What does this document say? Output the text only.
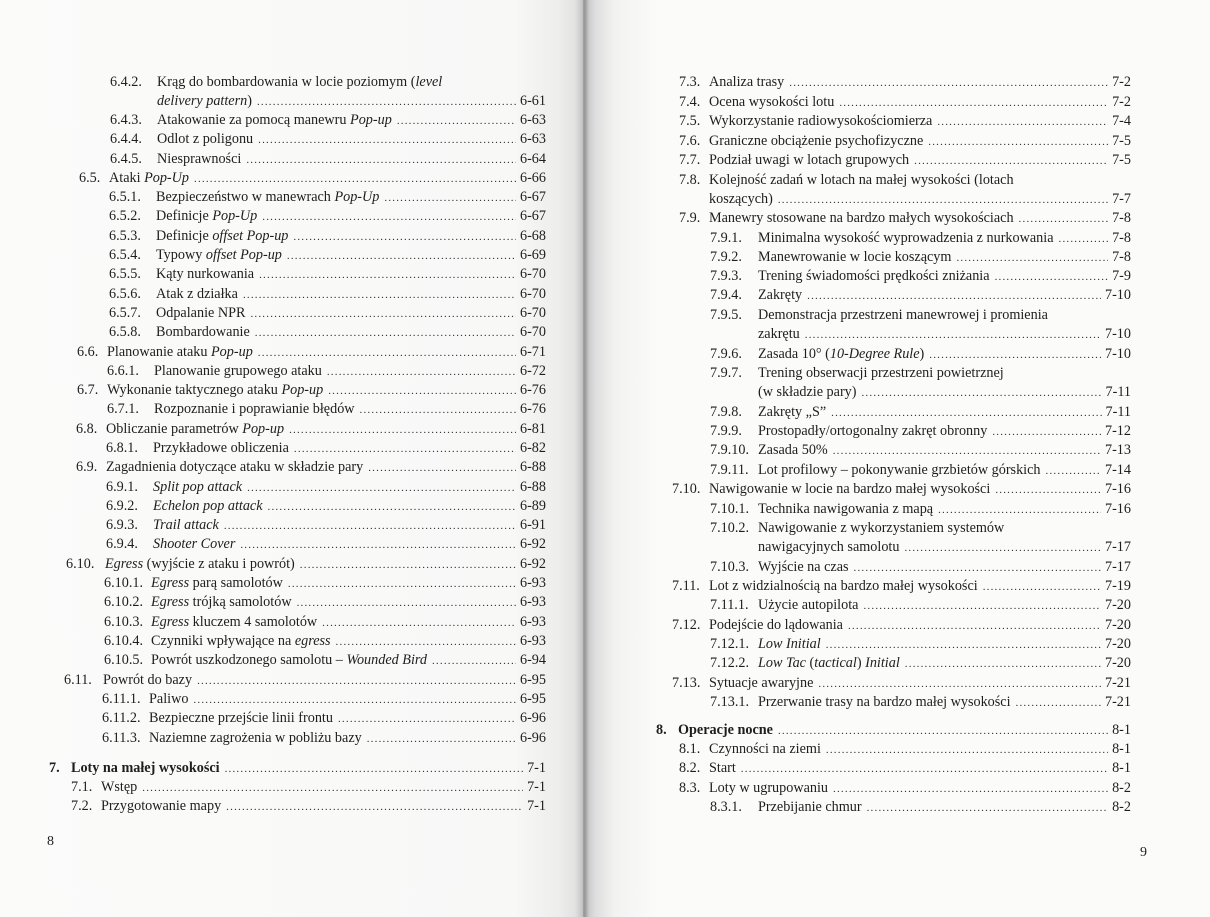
6.4.2.	Krąg do bombardowania w locie poziomym (level
delivery pattern) .....	6-61
6.4.3.	Atakowanie za pomocą manewru Pop-up .....	6-63
6.4.4.	Odlot z poligonu .....	6-63
6.4.5.	Niesprawności .....	6-64
6.5. Ataki Pop-Up .....	6-66
6.5.1.	Bezpieczeństwo w manewrach Pop-Up .....	6-67
6.5.2.	Definicje Pop-Up .....	6-67
6.5.3.	Definicje offset Pop-up .....	6-68
6.5.4.	Typowy offset Pop-up .....	6-69
6.5.5.	Kąty nurkowania .....	6-70
6.5.6.	Atak z działka .....	6-70
6.5.7.	Odpalanie NPR .....	6-70
6.5.8.	Bombardowanie .....	6-70
6.6. Planowanie ataku Pop-up .....	6-71
6.6.1.	Planowanie grupowego ataku .....	6-72
6.7. Wykonanie taktycznego ataku Pop-up .....	6-76
6.7.1.	Rozpoznanie i poprawianie błędów .....	6-76
6.8. Obliczanie parametrów Pop-up .....	6-81
6.8.1.	Przykładowe obliczenia .....	6-82
6.9. Zagadnienia dotyczące ataku w składzie pary .....	6-88
6.9.1.	Split pop attack .....	6-88
6.9.2.	Echelon pop attack .....	6-89
6.9.3.	Trail attack .....	6-91
6.9.4.	Shooter Cover .....	6-92
6.10. Egress (wyjście z ataku i powrót) .....	6-92
6.10.1. Egress parą samolotów .....	6-93
6.10.2. Egress trójką samolotów .....	6-93
6.10.3. Egress kluczem 4 samolotów .....	6-93
6.10.4. Czynniki wpływające na egress .....	6-93
6.10.5. Powrót uszkodzonego samolotu – Wounded Bird .....	6-94
6.11. Powrót do bazy .....	6-95
6.11.1. Paliwo .....	6-95
6.11.2. Bezpieczne przejście linii frontu .....	6-96
6.11.3. Naziemne zagrożenia w pobliżu bazy .....	6-96
7. Loty na małej wysokości .....	7-1
7.1. Wstęp .....	7-1
7.2. Przygotowanie mapy .....	7-1
8
7.3. Analiza trasy .....	7-2
7.4. Ocena wysokości lotu .....	7-2
7.5. Wykorzystanie radiowysokościomierza .....	7-4
7.6. Graniczne obciążenie psychofizyczne .....	7-5
7.7. Podział uwagi w lotach grupowych .....	7-5
7.8. Kolejność zadań w lotach na małej wysokości (lotach
koszących) .....	7-7
7.9. Manewry stosowane na bardzo małych wysokościach .....	7-8
7.9.1.	Minimalna wysokość wyprowadzenia z nurkowania .....	7-8
7.9.2.	Manewrowanie w locie koszącym .....	7-8
7.9.3.	Trening świadomości prędkości zniżania .....	7-9
7.9.4.	Zakręty .....	7-10
7.9.5.	Demonstracja przestrzeni manewrowej i promienia
zakrętu .....	7-10
7.9.6.	Zasada 10° (10-Degree Rule) .....	7-10
7.9.7.	Trening obserwacji przestrzeni powietrznej
(w składzie pary) .....	7-11
7.9.8.	Zakręty „S” .....	7-11
7.9.9.	Prostopadły/ortogonalny zakręt obronny .....	7-12
7.9.10. Zasada 50% .....	7-13
7.9.11. Lot profilowy – pokonywanie grzbietów górskich .....	7-14
7.10. Nawigowanie w locie na bardzo małej wysokości .....	7-16
7.10.1. Technika nawigowania z mapą .....	7-16
7.10.2. Nawigowanie z wykorzystaniem systemów
nawigacyjnych samolotu .....	7-17
7.10.3. Wyjście na czas .....	7-17
7.11. Lot z widzialnością na bardzo małej wysokości .....	7-19
7.11.1. Użycie autopilota .....	7-20
7.12. Podejście do lądowania .....	7-20
7.12.1. Low Initial .....	7-20
7.12.2. Low Tac (tactical) Initial .....	7-20
7.13. Sytuacje awaryjne .....	7-21
7.13.1. Przerwanie trasy na bardzo małej wysokości .....	7-21
8. Operacje nocne .....	8-1
8.1. Czynności na ziemi .....	8-1
8.2. Start .....	8-1
8.3. Loty w ugrupowaniu .....	8-2
8.3.1.	Przebijanie chmur .....	8-2
9
